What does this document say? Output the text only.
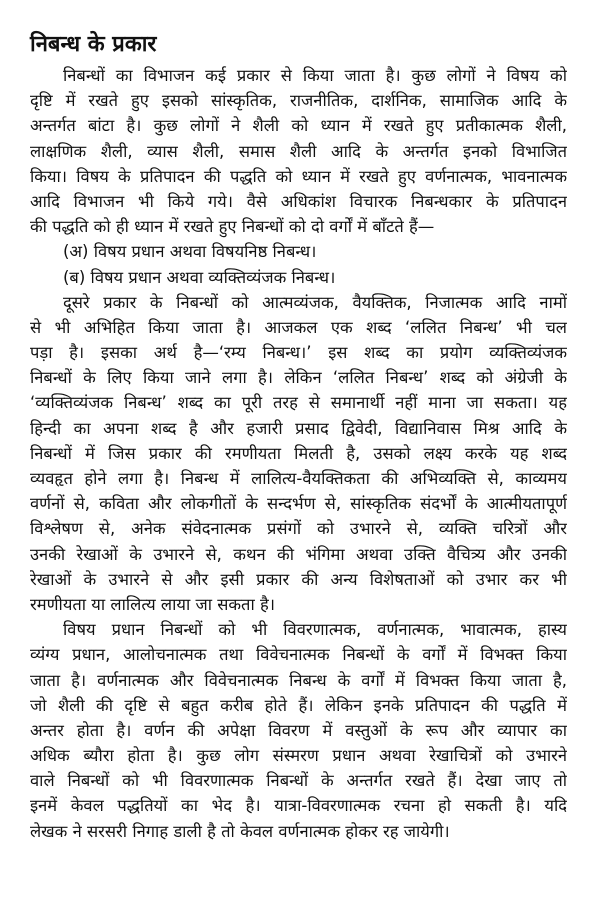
निबन्ध के प्रकार
निबन्धों का विभाजन कई प्रकार से किया जाता है। कुछ लोगों ने विषय को
दृष्टि में रखते हुए इसको सांस्कृतिक, राजनीतिक, दार्शनिक, सामाजिक आदि के
अन्तर्गत बांटा है। कुछ लोगों ने शैली को ध्यान में रखते हुए प्रतीकात्मक शैली,
लाक्षणिक शैली, व्यास शैली, समास शैली आदि के अन्तर्गत इनको विभाजित
किया। विषय के प्रतिपादन की पद्धति को ध्यान में रखते हुए वर्णनात्मक, भावनात्मक
आदि विभाजन भी किये गये। वैसे अधिकांश विचारक निबन्धकार के प्रतिपादन
की पद्धति को ही ध्यान में रखते हुए निबन्धों को दो वर्गों में बाँटते हैं—
(अ) विषय प्रधान अथवा विषयनिष्ठ निबन्ध।
(ब) विषय प्रधान अथवा व्यक्तिव्यंजक निबन्ध।
दूसरे प्रकार के निबन्धों को आत्मव्यंजक, वैयक्तिक, निजात्मक आदि नामों
से भी अभिहित किया जाता है। आजकल एक शब्द ‘ललित निबन्ध’ भी चल
पड़ा है। इसका अर्थ है—‘रम्य निबन्ध।’ इस शब्द का प्रयोग व्यक्तिव्यंजक
निबन्धों के लिए किया जाने लगा है। लेकिन ‘ललित निबन्ध’ शब्द को अंग्रेजी के
‘व्यक्तिव्यंजक निबन्ध’ शब्द का पूरी तरह से समानार्थी नहीं माना जा सकता। यह
हिन्दी का अपना शब्द है और हजारी प्रसाद द्विवेदी, विद्यानिवास मिश्र आदि के
निबन्धों में जिस प्रकार की रमणीयता मिलती है, उसको लक्ष्य करके यह शब्द
व्यवहृत होने लगा है। निबन्ध में लालित्य-वैयक्तिकता की अभिव्यक्ति से, काव्यमय
वर्णनों से, कविता और लोकगीतों के सन्दर्भण से, सांस्कृतिक संदर्भों के आत्मीयतापूर्ण
विश्लेषण से, अनेक संवेदनात्मक प्रसंगों को उभारने से, व्यक्ति चरित्रों और
उनकी रेखाओं के उभारने से, कथन की भंगिमा अथवा उक्ति वैचित्र्य और उनकी
रेखाओं के उभारने से और इसी प्रकार की अन्य विशेषताओं को उभार कर भी
रमणीयता या लालित्य लाया जा सकता है।
विषय प्रधान निबन्धों को भी विवरणात्मक, वर्णनात्मक, भावात्मक, हास्य
व्यंग्य प्रधान, आलोचनात्मक तथा विवेचनात्मक निबन्धों के वर्गों में विभक्त किया
जाता है। वर्णनात्मक और विवेचनात्मक निबन्ध के वर्गों में विभक्त किया जाता है,
जो शैली की दृष्टि से बहुत करीब होते हैं। लेकिन इनके प्रतिपादन की पद्धति में
अन्तर होता है। वर्णन की अपेक्षा विवरण में वस्तुओं के रूप और व्यापार का
अधिक ब्यौरा होता है। कुछ लोग संस्मरण प्रधान अथवा रेखाचित्रों को उभारने
वाले निबन्धों को भी विवरणात्मक निबन्धों के अन्तर्गत रखते हैं। देखा जाए तो
इनमें केवल पद्धतियों का भेद है। यात्रा-विवरणात्मक रचना हो सकती है। यदि
लेखक ने सरसरी निगाह डाली है तो केवल वर्णनात्मक होकर रह जायेगी।
